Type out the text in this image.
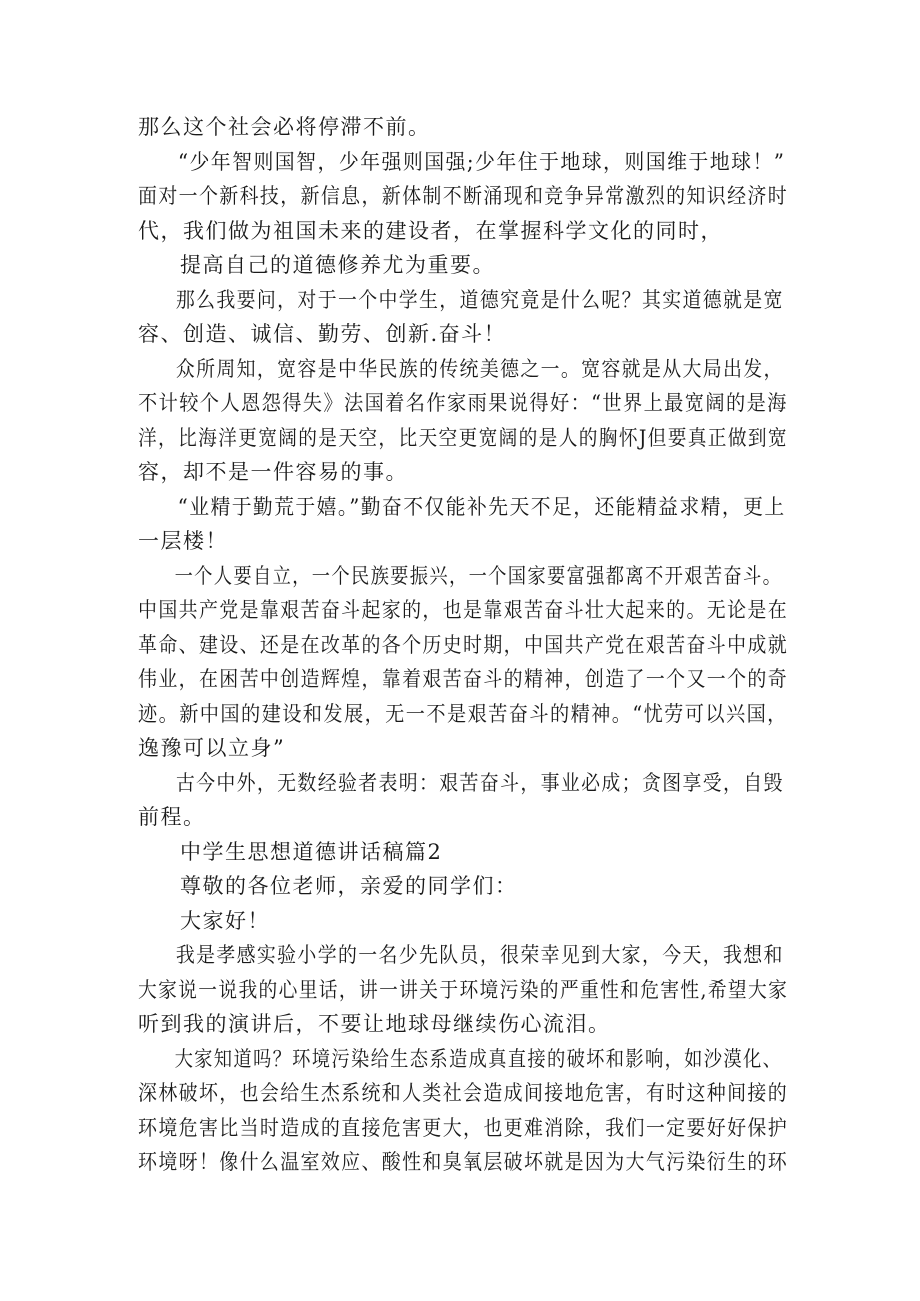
那么这个社会必将停滞不前。
“少年智则国智，少年强则国强;少年住于地球，则国维于地球！”
面对一个新科技，新信息，新体制不断涌现和竞争异常激烈的知识经济时
代，我们做为祖国未来的建设者，在掌握科学文化的同时，
提高自己的道德修养尤为重要。
那么我要问，对于一个中学生，道德究竟是什么呢？其实道德就是宽
容、创造、诚信、勤劳、创新.奋斗！
众所周知，宽容是中华民族的传统美德之一。宽容就是从大局出发，
不计较个人恩怨得失》法国着名作家雨果说得好：“世界上最宽阔的是海
洋，比海洋更宽阔的是天空，比天空更宽阔的是人的胸怀J但要真正做到宽
容，却不是一件容易的事。
“业精于勤荒于嬉。”勤奋不仅能补先天不足，还能精益求精，更上
一层楼！
一个人要自立，一个民族要振兴，一个国家要富强都离不开艰苦奋斗。
中国共产党是靠艰苦奋斗起家的，也是靠艰苦奋斗壮大起来的。无论是在
革命、建设、还是在改革的各个历史时期，中国共产党在艰苦奋斗中成就
伟业，在困苦中创造辉煌，靠着艰苦奋斗的精神，创造了一个又一个的奇
迹。新中国的建设和发展，无一不是艰苦奋斗的精神。“忧劳可以兴国，
逸豫可以立身”
古今中外，无数经验者表明：艰苦奋斗，事业必成；贪图享受，自毁
前程。
中学生思想道德讲话稿篇2
尊敬的各位老师，亲爱的同学们：
大家好！
我是孝感实验小学的一名少先队员，很荣幸见到大家，今天，我想和
大家说一说我的心里话，讲一讲关于环境污染的严重性和危害性,希望大家
听到我的演讲后，不要让地球母继续伤心流泪。
大家知道吗？环境污染给生态系造成真直接的破坏和影响，如沙漠化、
深林破坏，也会给生杰系统和人类社会造成间接地危害，有时这种间接的
环境危害比当时造成的直接危害更大，也更难消除，我们一定要好好保护
环境呀！像什么温室效应、酸性和臭氧层破坏就是因为大气污染衍生的环
